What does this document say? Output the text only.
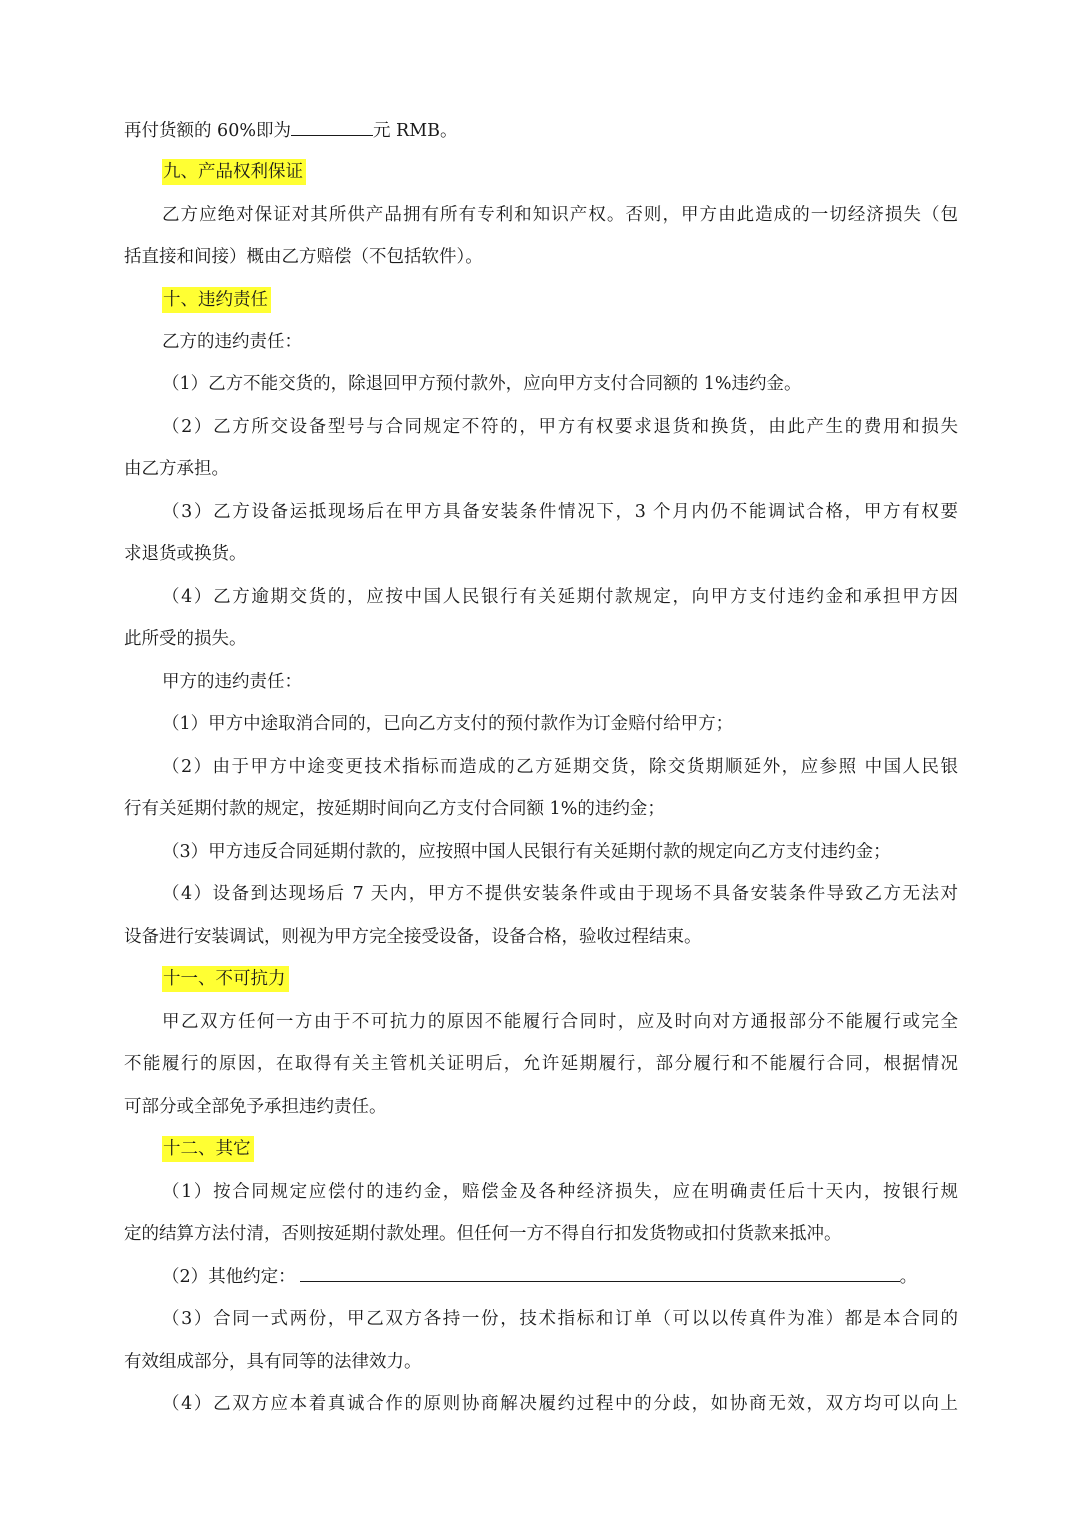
再付货额的 60%即为	元 RMB。
九、产品权利保证
乙方应绝对保证对其所供产品拥有所有专利和知识产权。否则，甲方由此造成的一切经济损失（包
括直接和间接）概由乙方赔偿（不包括软件）。
十、违约责任
乙方的违约责任：
（1）乙方不能交货的，除退回甲方预付款外，应向甲方支付合同额的 1%违约金。
（2）乙方所交设备型号与合同规定不符的，甲方有权要求退货和换货，由此产生的费用和损失
由乙方承担。
（3）乙方设备运抵现场后在甲方具备安装条件情况下，3 个月内仍不能调试合格，甲方有权要
求退货或换货。
（4）乙方逾期交货的，应按中国人民银行有关延期付款规定，向甲方支付违约金和承担甲方因
此所受的损失。
甲方的违约责任：
（1）甲方中途取消合同的，已向乙方支付的预付款作为订金赔付给甲方；
（2）由于甲方中途变更技术指标而造成的乙方延期交货，除交货期顺延外，应参照 中国人民银
行有关延期付款的规定，按延期时间向乙方支付合同额 1%的违约金；
（3）甲方违反合同延期付款的，应按照中国人民银行有关延期付款的规定向乙方支付违约金；
（4）设备到达现场后 7 天内，甲方不提供安装条件或由于现场不具备安装条件导致乙方无法对
设备进行安装调试，则视为甲方完全接受设备，设备合格，验收过程结束。
十一、不可抗力
甲乙双方任何一方由于不可抗力的原因不能履行合同时，应及时向对方通报部分不能履行或完全
不能履行的原因，在取得有关主管机关证明后，允许延期履行，部分履行和不能履行合同，根据情况
可部分或全部免予承担违约责任。
十二、其它
（1）按合同规定应偿付的违约金，赔偿金及各种经济损失，应在明确责任后十天内，按银行规
定的结算方法付清，否则按延期付款处理。但任何一方不得自行扣发货物或扣付货款来抵冲。
（2）其他约定：	。
（3）合同一式两份，甲乙双方各持一份，技术指标和订单（可以以传真件为准）都是本合同的
有效组成部分，具有同等的法律效力。
（4）乙双方应本着真诚合作的原则协商解决履约过程中的分歧，如协商无效，双方均可以向上
